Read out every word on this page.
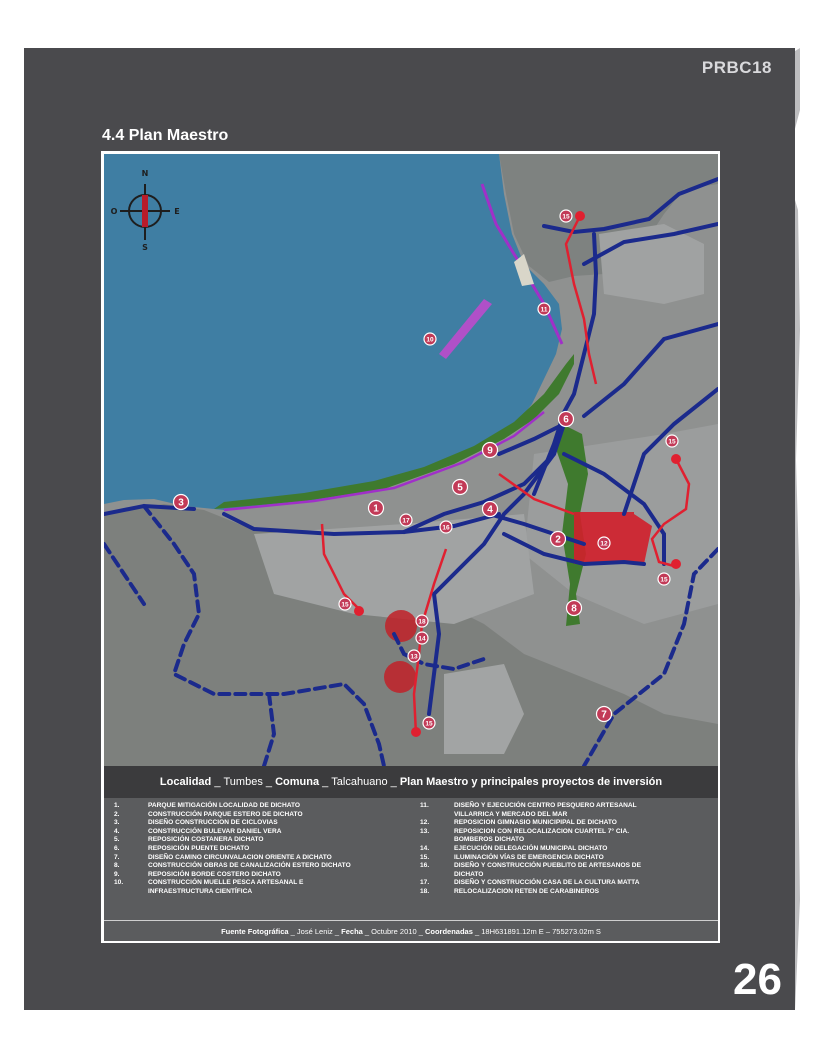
PRBC18
4.4 Plan Maestro
N
S
E
O
15
11
10
6
15
9
5
3
1	4
17
16
2	12
15
15	8
18
14
13
7
15
Localidad _ Tumbes _ Comuna _ Talcahuano _ Plan Maestro y principales proyectos de inversión
1.	PARQUE MITIGACIÓN LOCALIDAD DE DICHATO
2.	CONSTRUCCIÓN PARQUE ESTERO DE DICHATO
3.	DISEÑO CONSTRUCCION DE CICLOVIAS
4.	CONSTRUCCIÓN BULEVAR DANIEL VERA
5.	REPOSICIÓN COSTANERA DICHATO
6.	REPOSICIÓN PUENTE DICHATO
7.	DISEÑO CAMINO CIRCUNVALACION ORIENTE A DICHATO
8.	CONSTRUCCIÓN OBRAS DE CANALIZACIÓN ESTERO DICHATO
9.	REPOSICIÓN BORDE COSTERO DICHATO
10.	CONSTRUCCIÓN MUELLE PESCA ARTESANAL E
INFRAESTRUCTURA CIENTÍFICA
11.	DISEÑO Y EJECUCIÓN CENTRO PESQUERO ARTESANAL
VILLARRICA Y MERCADO DEL MAR
12.	REPOSICION GIMNASIO MUNICIPIPAL DE DICHATO
13.	REPOSICION CON RELOCALIZACION CUARTEL 7° CIA.
BOMBEROS DICHATO
14.	EJECUCIÓN DELEGACIÓN MUNICIPAL DICHATO
15.	ILUMINACIÓN VÍAS DE EMERGENCIA DICHATO
16.	DISEÑO Y CONSTRUCCIÓN PUEBLITO DE ARTESANOS DE
DICHATO
17.	DISEÑO Y CONSTRUCCIÓN CASA DE LA CULTURA MATTA
18.	RELOCALIZACION RETEN DE CARABINEROS
Fuente Fotográfica _ José Leniz _ Fecha _ Octubre 2010 _ Coordenadas _ 18H631891.12m E – 755273.02m S
26
